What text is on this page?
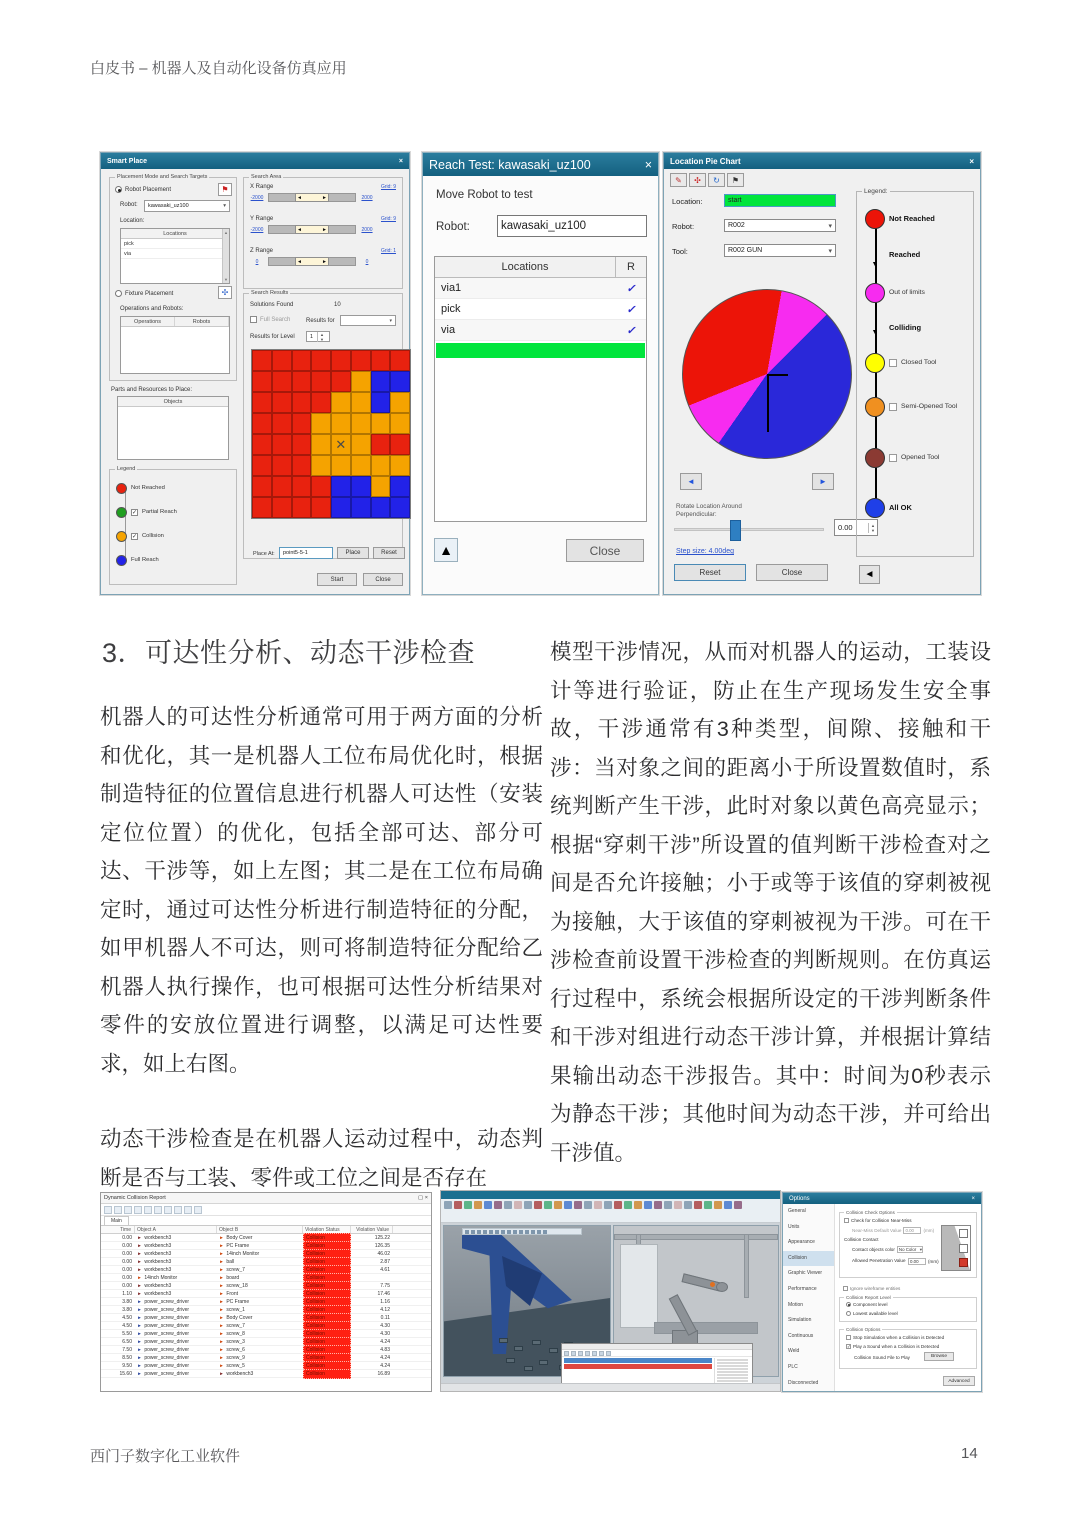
白皮书 – 机器人及自动化设备仿真应用
3．可达性分析、动态干涉检查

机器人的可达性分析通常可用于两方面的分析和优化，其一是机器人工位布局优化时，根据制造特征的位置信息进行机器人可达性（安装定位位置）的优化，包括全部可达、部分可达、干涉等，如上左图；其二是在工位布局确定时，通过可达性分析进行制造特征的分配，如甲机器人不可达，则可将制造特征分配给乙机器人执行操作，也可根据可达性分析结果对零件的安放位置进行调整，以满足可达性要求，如上右图。

动态干涉检查是在机器人运动过程中，动态判断是否与工装、零件或工位之间是否存在

模型干涉情况，从而对机器人的运动，工装设计等进行验证，防止在生产现场发生安全事故，干涉通常有3种类型，间隙、接触和干涉：当对象之间的距离小于所设置数值时，系统判断产生干涉，此时对象以黄色高亮显示；根据“穿刺干涉”所设置的值判断干涉检查对之间是否允许接触；小于或等于该值的穿刺被视为接触，大于该值的穿刺被视为干涉。可在干涉检查前设置干涉检查的判断规则。在仿真运行过程中，系统会根据所设定的干涉判断条件和干涉对组进行动态干涉计算，并根据计算结果输出动态干涉报告。其中：时间为0秒表示为静态干涉；其他时间为动态干涉，并可给出干涉值。

西门子数字化工业软件	14
Smart Place	×
Placement Mode and Search Targets
Robot Placement	⚑
Robot: kawasaki_uz100	▾
Location:
Locations
pick
via
▲
▼
Fixture Placement	✣
Operations and Robots:
Operations	Robots
Parts and Resources to Place:
Objects
Legend
Not Reached
✓ Partial Reach
✓ Collision
Full Reach
Search Area
X Range	Grid: 9
-2000	◄	►	2000
Y Range	Grid: 9
-2000	◄	►	2000
Z Range	Grid: 1
0	◄	►	0
Search Results
Solutions Found	10
Full Search	Results for	▾
Results for Level	1	▲
▼
✕
Place At: point5-5-1	Place	Reset
Start	Close
Reach Test: kawasaki_uz100	×
Move Robot to test
Robot:	kawasaki_uz100
Locations	R
via1	✓
pick	✓
via	✓
▲	Close
Location Pie Chart	×
✎	✣	↻	⚑
Location:	start
Robot:	R002	▾
Tool:	R002 GUN	▾
◄	►
Rotate Location Around
Perpendicular:
0.00	▲
▼
Step size: 4.00deg
Reset	Close
Legend:
▼
▼
Not Reached
Reached
Out of limits
Colliding
Closed Tool
Semi-Opened Tool
Opened Tool
All OK
◄
Dynamic Collision Report	▢ ×
Main
Time	Object A	Object B	Violation Status	Violation Value
0.00	► workbench3	► Body Cover	Collision	125.22
0.00	► workbench3	► PC Frame	Collision	126.35
0.00	► workbench3	► 14inch Monitor	Collision	46.02
0.00	► workbench3	► ball	Collision	2.87
0.00	► workbench3	► screw_7	Collision	4.61
0.00	► 14inch Monitor	► board	Collision
0.00	► workbench3	► screw_18	Collision	7.75
1.10	► workbench3	► Front	Collision	17.46
3.80	► power_screw_driver	► PC Frame	Collision	1.16
3.80	► power_screw_driver	► screw_1	Collision	4.12
4.50	► power_screw_driver	► Body Cover	Collision	0.11
4.50	► power_screw_driver	► screw_7	Collision	4.30
5.50	► power_screw_driver	► screw_8	Collision	4.30
6.50	► power_screw_driver	► screw_3	Collision	4.24
7.50	► power_screw_driver	► screw_6	Collision	4.83
8.50	► power_screw_driver	► screw_9	Collision	4.24
9.50	► power_screw_driver	► screw_5	Collision	4.24
15.60	► power_screw_driver	► workbench3	Collision	16.89
Options	×
General
Units
Appearance
Collision
Graphic Viewer
Performance
Motion
Simulation
Continuous
Weld
PLC
Disconnected
Collision Check Options
Check for Collision Near-Miss
Near-Miss Default Value 0.00 (mm)
Collision Contact
Contact objects color No Color ▾
Allowed Penetration Value 0.00 (mm)
Ignore wireframe entities
Collision Report Level
Component level
Lowest available level
Collision Options
Stop Simulation when a Collision is Detected
✓ Play a Sound when a Collision is Detected
Collision Sound File to Play	Browse
Advanced
